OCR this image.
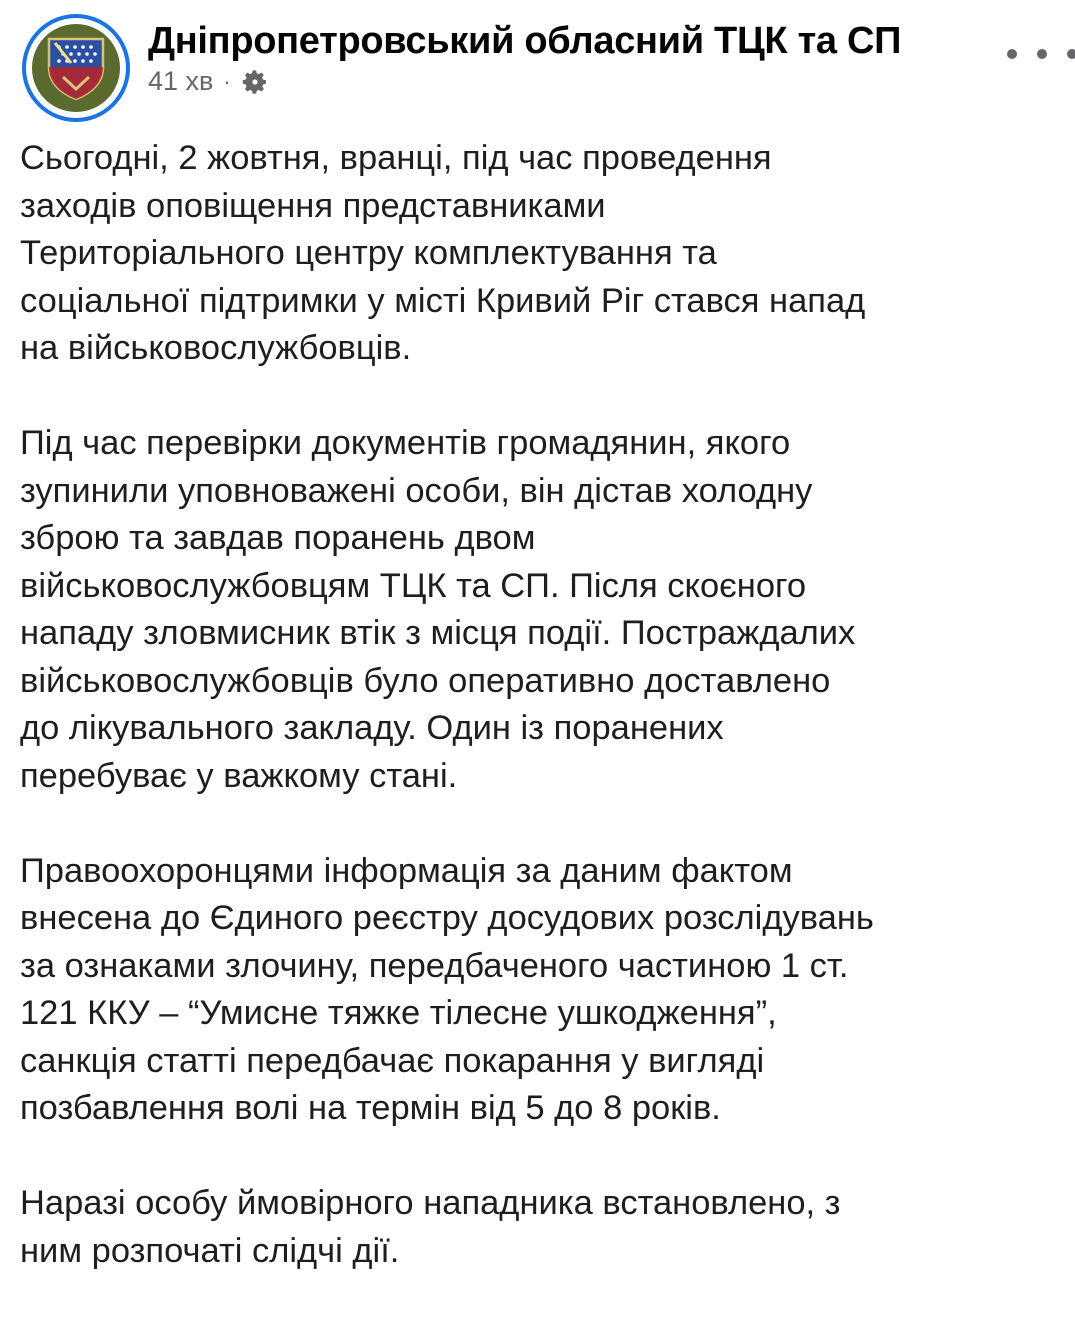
Дніпропетровський обласний ТЦК та СП
41 хв ·
Сьогодні, 2 жовтня, вранці, під час проведення
заходів оповіщення представниками
Територіального центру комплектування та
соціальної підтримки у місті Кривий Ріг стався напад
на військовослужбовців.
Під час перевірки документів громадянин, якого
зупинили уповноважені особи, він дістав холодну
зброю та завдав поранень двом
військовослужбовцям ТЦК та СП. Після скоєного
нападу зловмисник втік з місця події. Постраждалих
військовослужбовців було оперативно доставлено
до лікувального закладу. Один із поранених
перебуває у важкому стані.
Правоохоронцями інформація за даним фактом
внесена до Єдиного реєстру досудових розслідувань
за ознаками злочину, передбаченого частиною 1 ст.
121 ККУ – “Умисне тяжке тілесне ушкодження”,
санкція статті передбачає покарання у вигляді
позбавлення волі на термін від 5 до 8 років.
Наразі особу ймовірного нападника встановлено, з
ним розпочаті слідчі дії.
